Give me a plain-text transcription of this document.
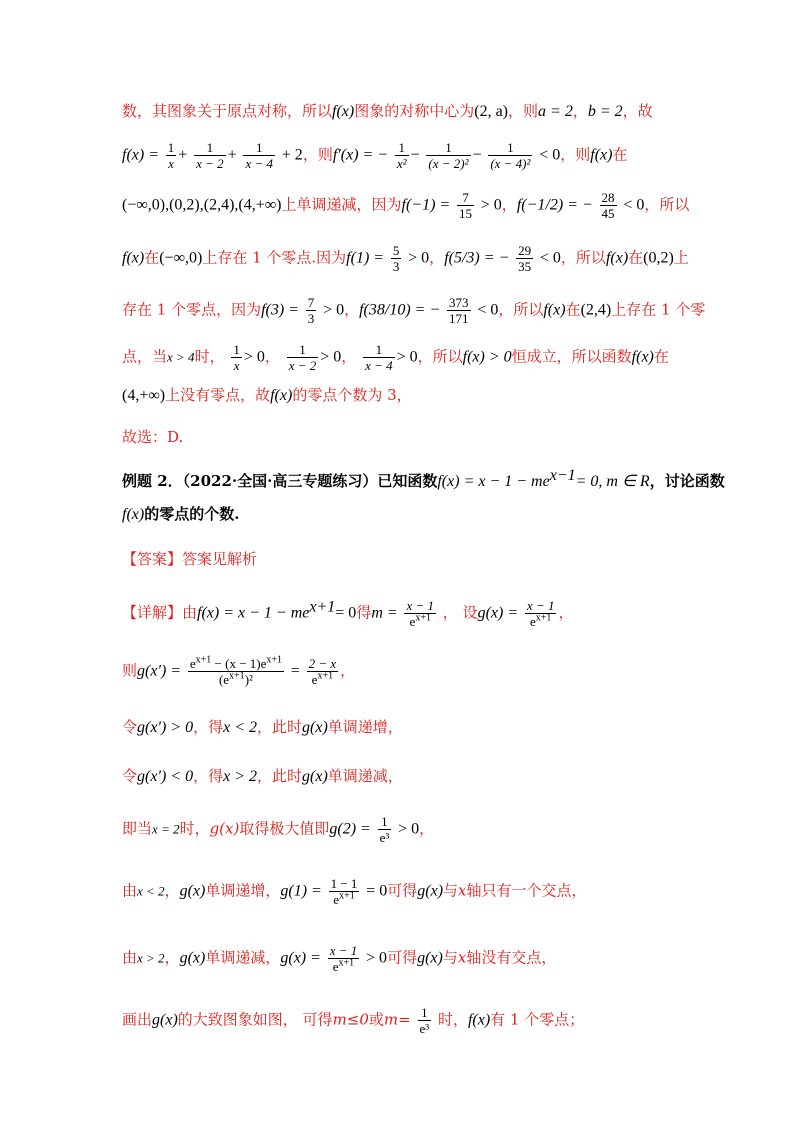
数，其图象关于原点对称，所以f(x)图象的对称中心为(2, a)，则a = 2，b = 2，故
$f(x) = \frac{1}{x} + \frac{1}{x - 2} + \frac{1}{x - 4} + 2$，则f′(x) = − $\frac{1}{\text{x²}} - \frac{1}{\text{(x − 2)²}} - \frac{1}{\text{(x − 4)²}} < 0$，则f(x)在
(−∞,0),(0,2),(2,4),(4,+∞)上单调递减，因为$f(-1) = \frac{7}{15} > 0$，f(−1/2) = − $\frac{28}{45} < 0$，所以
f(x)在(−∞,0)上存在 1 个零点.因为$f(1) = \frac{5}{3} > 0$，f(5/3) = − $\frac{29}{35} < 0$，所以f(x)在(0,2)上
存在 1 个零点，因为$f(3) = \frac{7}{3} > 0$，f(38/10) = − $\frac{373}{171} < 0$，所以f(x)在(2,4)上存在 1 个零
点，当x > 4时， $\frac{1}{x} > 0$， $\frac{1}{x - 2} > 0$， $\frac{1}{x - 4} > 0$，所以f(x) > 0恒成立，所以函数f(x)在
(4,+∞)上没有零点，故f(x)的零点个数为 3，
故选：D.
例题 2．（2022·全国·高三专题练习）已知函数$f(x) = x - 1 - me^{x-1}= 0$, m ∈ R，讨论函数
f(x)的零点的个数.
【答案】答案见解析
【详解】由$f(x) = x - 1 - me^{x+1}= 0$得$m = \frac{x - 1}{e^{x+1}}$ ， 设$g(x) = \frac{x - 1}{e^{x+1}}$ ，
则$g(x') = \frac{e^{x+1} - (x - 1)e^{x+1}}{(e^{x+1})^2} = \frac{2 - x}{e^{x+1}}$ ，
令g(x′) > 0，得x < 2，此时g(x)单调递增，
令g(x′) < 0，得x > 2，此时g(x)单调递减，
即当x = 2时，g(x)取得极大值即$g(2) = \frac{1}{\text{e³}} > 0$，
由x < 2，g(x)单调递增，$g(1) = \frac{1 - 1}{e^{x+1}} = 0$可得g(x)与x轴只有一个交点，
由x > 2，g(x)单调递减，$g(x) = \frac{x - 1}{e^{x+1}} > 0$可得g(x)与x轴没有交点，
画出g(x)的大致图象如图， 可得m≤0或$m= \frac{1}{\text{e³}}$ 时，f(x)有 1 个零点；
